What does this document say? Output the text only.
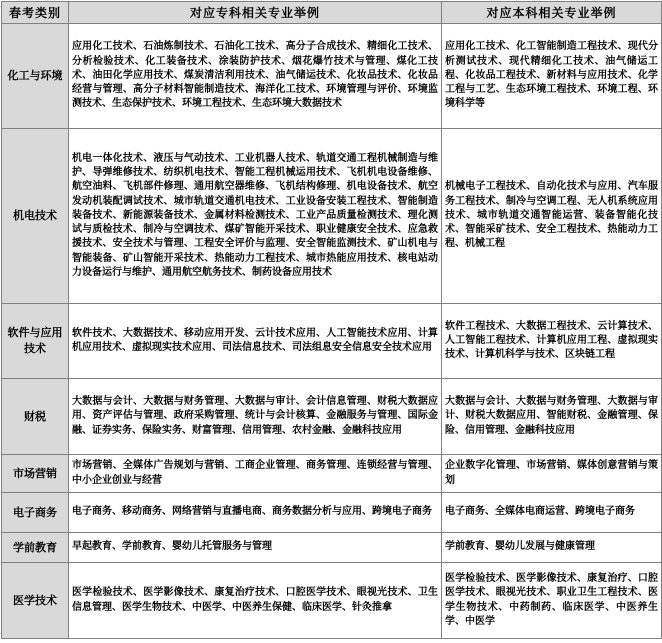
春考类别	对应专科相关专业举例	对应本科相关专业举例
化工与环境	应用化工技术、石油炼制技术、石油化工技术、高分子合成技术、精细化工技术、分析检验技术、化工装备技术、涂装防护技术、烟花爆竹技术与管理、煤化工技术、油田化学应用技术、煤炭清洁利用技术、油气储运技术、化妆品技术、化妆品经营与管理、高分子材料智能制造技术、海洋化工技术、环境管理与评价、环境监测技术、生态保护技术、环境工程技术、生态环境大数据技术	应用化工技术、化工智能制造工程技术、现代分析测试技术、现代精细化工技术、油气储运工程、化妆品工程技术、新材料与应用技术、化学工程与工艺、生态环境工程技术、环境工程、环境科学等
机电技术	机电一体化技术、液压与气动技术、工业机器人技术、轨道交通工程机械制造与维护、导弹维修技术、纺织机电技术、智能工程机械运用技术、飞机机电设备维修、航空油料、飞机部件修理、通用航空器维修、飞机结构修理、机电设备技术、航空发动机装配调试技术、城市轨道交通机电技术、工业设备安装工程技术、智能制造装备技术、新能源装备技术、金属材料检测技术、工业产品质量检测技术、理化测试与质检技术、制冷与空调技术、煤矿智能开采技术、职业健康安全技术、应急救援技术、安全技术与管理、工程安全评价与监理、安全智能监测技术、矿山机电与智能装备、矿山智能开采技术、热能动力工程技术、城市热能应用技术、核电站动力设备运行与维护、通用航空航务技术、制药设备应用技术	机械电子工程技术、自动化技术与应用、汽车服务工程技术、制冷与空调工程、无人机系统应用技术、城市轨道交通智能运营、装备智能化技术、智能采矿技术、安全工程技术、热能动力工程、机械工程
软件与应用技术	软件技术、大数据技术、移动应用开发、云计技术应用、人工智能技术应用、计算机应用技术、虚拟现实技术应用、司法信息技术、司法组息安全信息安全技术应用	软件工程技术、大数据工程技术、云计算技术、人工智能工程技术、计算机应用工程、虚拟现实技术、计算机科学与技术、区块链工程
财税	大数据与会计、大数据与财务管理、大数据与审计、会计信息管理、财税大数据应用、资产评估与管理、政府采购管理、统计与会计核算、金融服务与管理、国际金融、证券实务、保险实务、财富管理、信用管理、农村金融、金融科技应用	大数据与会计、大数据与财务管理、大数据与审计、财税大数据应用、智能财税、金融管理、保险、信用管理、金融科技应用
市场营销	市场营销、全媒体广告规划与营销、工商企业管理、商务管理、连锁经营与管理、中小企业创业与经营	企业数字化管理、市场营销、媒体创意营销与策划
电子商务	电子商务、移动商务、网络营销与直播电商、商务数据分析与应用、跨境电子商务	电子商务、全媒体电商运营、跨境电子商务
学前教育	早起教育、学前教育、婴幼儿托管服务与管理	学前教育、婴幼儿发展与健康管理
医学技术	医学检验技术、医学影像技术、康复治疗技术、口腔医学技术、眼视光技术、卫生信息管理、医学生物技术、中医学、中医养生保健、临床医学、针灸推拿	医学检验技术、医学影像技术、康复治疗、口腔医学技术、眼视光技术、职业卫生工程技术、医学生物技术、中药制药、临床医学、中医养生学、中医学
